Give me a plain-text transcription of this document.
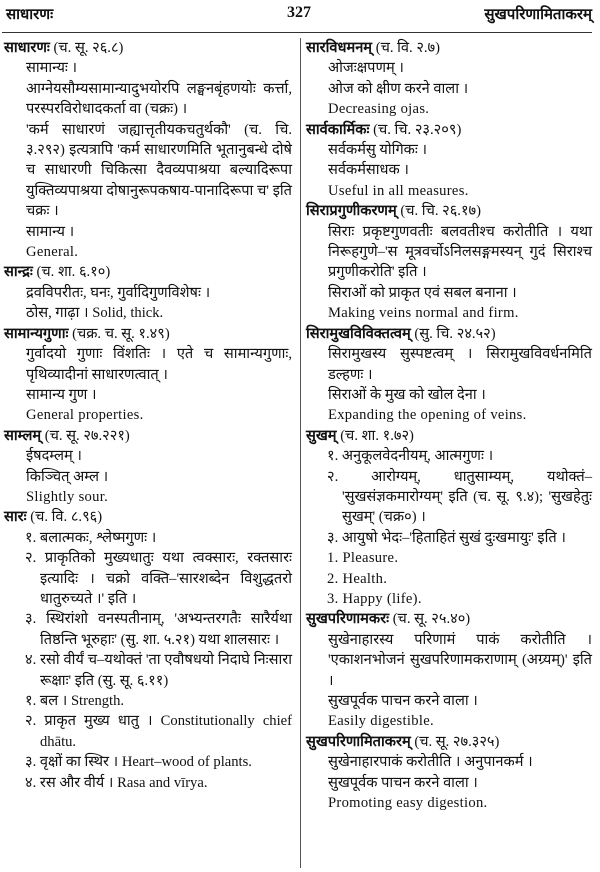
साधारणः	327	सुखपरिणामिताकरम्
साधारणः (च. सू. २६.८)
सामान्यः ।
आग्नेयसौम्यसामान्यादुभयोरपि लङ्घनबृंहणयोः कर्त्ता, परस्परविरोधादकर्ता वा (चक्रः) ।
'कर्म साधारणं जह्यात्तृतीयकचतुर्थकौ' (च. चि. ३.२९२) इत्यत्रापि 'कर्म साधारणमिति भूतानुबन्धे दोषे च साधारणी चिकित्सा दैवव्यपाश्रया बल्यादिरूपा युक्तिव्यपाश्रया दोषानुरूपकषाय-पानादिरूपा च' इति चक्रः ।
सामान्य ।
General.
सान्द्रः (च. शा. ६.१०)
द्रवविपरीतः, घनः, गुर्वादिगुणविशेषः ।
ठोस, गाढ़ा । Solid, thick.
सामान्यगुणाः (चक्र. च. सू. १.४९)
गुर्वादयो गुणाः विंशतिः । एते च सामान्यगुणाः, पृथिव्यादीनां साधारणत्वात् ।
सामान्य गुण ।
General properties.
साम्लम् (च. सू. २७.२२१)
ईषदम्लम् ।
किञ्चित् अम्ल ।
Slightly sour.
सारः (च. वि. ८.९६)
१. बलात्मकः, श्लेष्मगुणः ।
२. प्राकृतिको मुख्यधातुः यथा त्वक्सारः, रक्तसारः इत्यादिः । चक्रो वक्ति–'सारशब्देन विशुद्धतरो धातुरुच्यते ।' इति ।
३. स्थिरांशो वनस्पतीनाम्, 'अभ्यन्तरगतैः सारैर्यथा तिष्ठन्ति भूरुहाः' (सु. शा. ५.२१) यथा शालसारः ।
४. रसो वीर्यं च–यथोक्तं 'ता एवौषधयो निदाघे निःसारा रूक्षाः' इति (सु. सू. ६.११)
१. बल । Strength.
२. प्राकृत मुख्य धातु । Constitutionally chief dhātu.
३. वृक्षों का स्थिर । Heart–wood of plants.
४. रस और वीर्य । Rasa and vīrya.
सारविधमनम् (च. वि. २.७)
ओजःक्षपणम् ।
ओज को क्षीण करने वाला ।
Decreasing ojas.
सार्वकार्मिकः (च. चि. २३.२०९)
सर्वकर्मसु योगिकः ।
सर्वकर्मसाधक ।
Useful in all measures.
सिराप्रगुणीकरणम् (च. चि. २६.१७)
सिराः प्रकृष्टगुणवतीः बलवतीश्च करोतीति । यथा निरूहगुणे–'स मूत्रवर्चोऽनिलसङ्गमस्यन् गुदं सिराश्च प्रगुणीकरोति' इति ।
सिराओं को प्राकृत एवं सबल बनाना ।
Making veins normal and firm.
सिरामुखविविक्तत्वम् (सु. चि. २४.५२)
सिरामुखस्य सुस्पष्टत्वम् । सिरामुखविवर्धनमिति डल्हणः ।
सिराओं के मुख को खोल देना ।
Expanding the opening of veins.
सुखम् (च. शा. १.७२)
१. अनुकूलवेदनीयम्, आत्मगुणः ।
२. आरोग्यम्, धातुसाम्यम्, यथोक्तं– 'सुखसंज्ञकमारोग्यम्' इति (च. सू. ९.४); 'सुखहेतुः सुखम्' (चक्र०) ।
३. आयुषो भेदः–'हिताहितं सुखं दुःखमायुः' इति ।
1. Pleasure.
2. Health.
3. Happy (life).
सुखपरिणामकरः (च. सू. २५.४०)
सुखेनाहारस्य परिणामं पाकं करोतीति । 'एकाशनभोजनं सुखपरिणामकराणाम् (अग्र्यम्)' इति ।
सुखपूर्वक पाचन करने वाला ।
Easily digestible.
सुखपरिणामिताकरम् (च. सू. २७.३२५)
सुखेनाहारपाकं करोतीति । अनुपानकर्म ।
सुखपूर्वक पाचन करने वाला ।
Promoting easy digestion.
